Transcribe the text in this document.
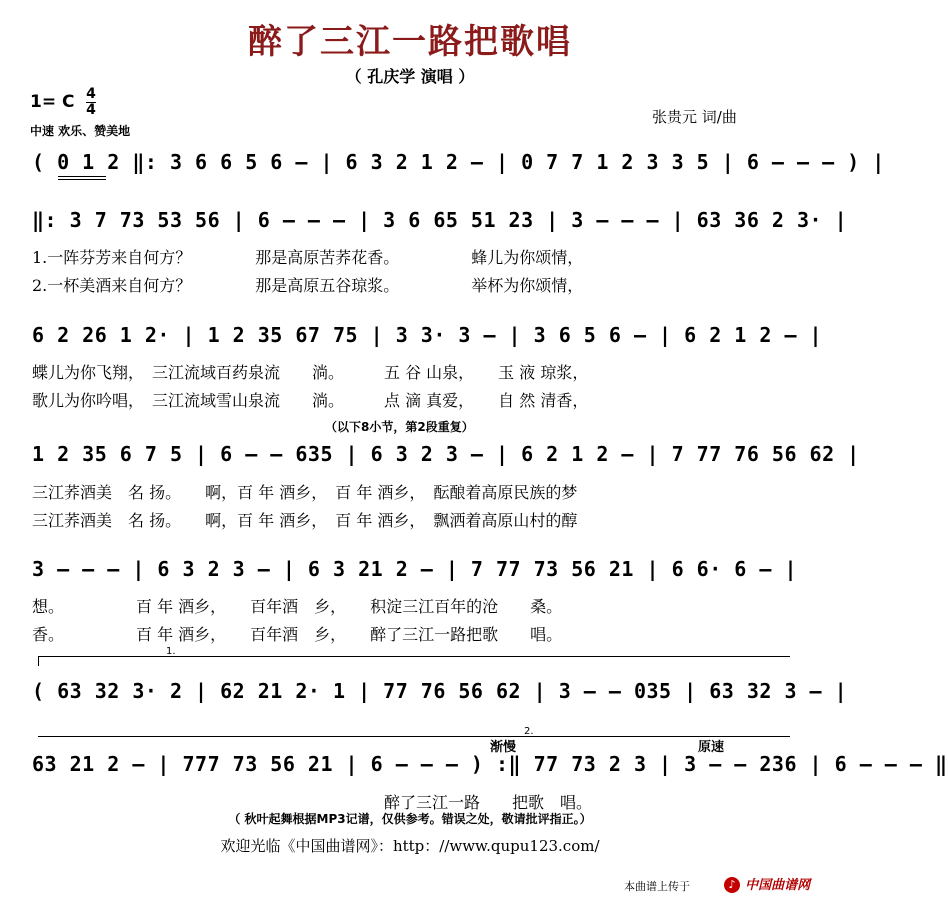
醉了三江一路把歌唱
（ 孔庆学 演唱 ）
1= C 4
4
中速 欢乐、赞美地
张贵元 词/曲
( 0 1 2 ‖: 3 6 6 5 6 – | 6 3 2 1 2 – | 0 7 7 1 2 3 3 5 | 6 – – – ) |
‖: 3 7 73 53 56 | 6 – – – | 3 6 65 51 23 | 3 – – – | 63 36 2 3· |
1.一阵芬芳来自何方？　　　　那是高原苦荞花香。　　　　　蜂儿为你颂情，
2.一杯美酒来自何方？　　　　那是高原五谷琼浆。　　　　　举杯为你颂情，
6 2 26 1 2· | 1 2 35 67 75 | 3 3· 3 – | 3 6 5 6 – | 6 2 1 2 – |
蝶儿为你飞翔，　三江流域百药泉流　　淌。　　　五 谷 山泉，　　玉 液 琼浆，
歌儿为你吟唱，　三江流域雪山泉流　　淌。　　　点 滴 真爱，　　自 然 清香，
（以下8小节，第2段重复）
1 2 35 6 7 5 | 6 – – 635 | 6 3 2 3 – | 6 2 1 2 – | 7 77 76 56 62 |
三江荞酒美　名 扬。　　啊，百 年 酒乡，　百 年 酒乡，　酝酿着高原民族的梦
三江荞酒美　名 扬。　　啊，百 年 酒乡，　百 年 酒乡，　飘洒着高原山村的醇
3 – – – | 6 3 2 3 – | 6 3 21 2 – | 7 77 73 56 21 | 6 6· 6 – |
想。　　　　　百 年 酒乡，　　百年酒　乡，　　积淀三江百年的沧　　桑。
香。　　　　　百 年 酒乡，　　百年酒　乡，　　醉了三江一路把歌　　唱。
1.
( 63 32 3· 2 | 62 21 2· 1 | 77 76 56 62 | 3 – – 035 | 63 32 3 – |
2.
渐慢	原速
63 21 2 – | 777 73 56 21 | 6 – – – ) :‖ 77 73 2 3 | 3 – – 236 | 6 – – – ‖
　　　　　　　　　　　　　　　　　　　　　　醉了三江一路　　把歌　唱。
（ 秋叶起舞根据MP3记谱，仅供参考。错误之处，敬请批评指正。）
欢迎光临《中国曲谱网》：http：//www.qupu123.com/
本曲谱上传于	♪ 中国曲谱网
